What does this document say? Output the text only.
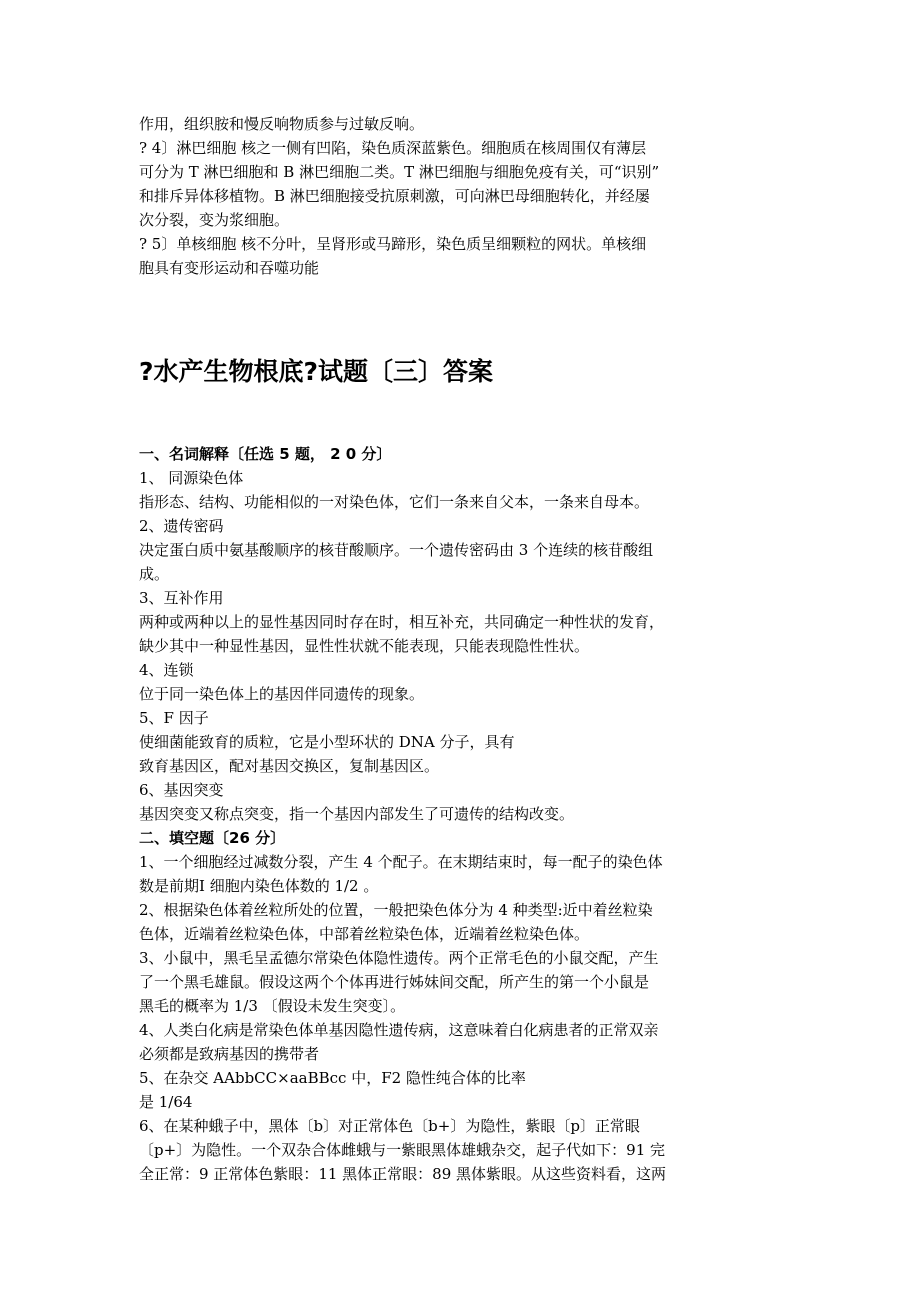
作用，组织胺和慢反响物质参与过敏反响。
? 4〕淋巴细胞 核之一侧有凹陷，染色质深蓝紫色。细胞质在核周围仅有薄层
可分为 T 淋巴细胞和 B 淋巴细胞二类。T 淋巴细胞与细胞免疫有关，可“识别”
和排斥异体移植物。B 淋巴细胞接受抗原刺激，可向淋巴母细胞转化，并经屡
次分裂，变为浆细胞。
? 5〕单核细胞 核不分叶，呈肾形或马蹄形，染色质呈细颗粒的网状。单核细
胞具有变形运动和吞噬功能
?水产生物根底?试题〔三〕答案
一、名词解释〔任选 5 题， 2 0 分〕
1、 同源染色体
指形态、结构、功能相似的一对染色体，它们一条来自父本，一条来自母本。
2、遗传密码
决定蛋白质中氨基酸顺序的核苷酸顺序。一个遗传密码由 3 个连续的核苷酸组
成。
3、互补作用
两种或两种以上的显性基因同时存在时，相互补充，共同确定一种性状的发育，
缺少其中一种显性基因，显性性状就不能表现，只能表现隐性性状。
4、连锁
位于同一染色体上的基因伴同遗传的现象。
5、F 因子
使细菌能致育的质粒，它是小型环状的 DNA 分子，具有
致育基因区，配对基因交换区，复制基因区。
6、基因突变
基因突变又称点突变，指一个基因内部发生了可遗传的结构改变。
二、填空题〔26 分〕
1、一个细胞经过减数分裂，产生 4 个配子。在末期结束时，每一配子的染色体
数是前期Ⅰ 细胞内染色体数的 1/2 。
2、根据染色体着丝粒所处的位置，一般把染色体分为 4 种类型:近中着丝粒染
色体，近端着丝粒染色体，中部着丝粒染色体，近端着丝粒染色体。
3、小鼠中，黑毛呈孟德尔常染色体隐性遗传。两个正常毛色的小鼠交配，产生
了一个黑毛雄鼠。假设这两个个体再进行姊妹间交配，所产生的第一个小鼠是
黑毛的概率为 1/3 〔假设未发生突变〕。
4、人类白化病是常染色体单基因隐性遗传病，这意味着白化病患者的正常双亲
必须都是致病基因的携带者
5、在杂交 AAbbCC×aaBBcc 中，F2 隐性纯合体的比率
是 1/64
6、在某种蛾子中，黑体〔b〕对正常体色〔b+〕为隐性，紫眼〔p〕正常眼
〔p+〕为隐性。一个双杂合体雌蛾与一紫眼黑体雄蛾杂交，起子代如下：91 完
全正常：9 正常体色紫眼：11 黑体正常眼：89 黑体紫眼。从这些资料看，这两
